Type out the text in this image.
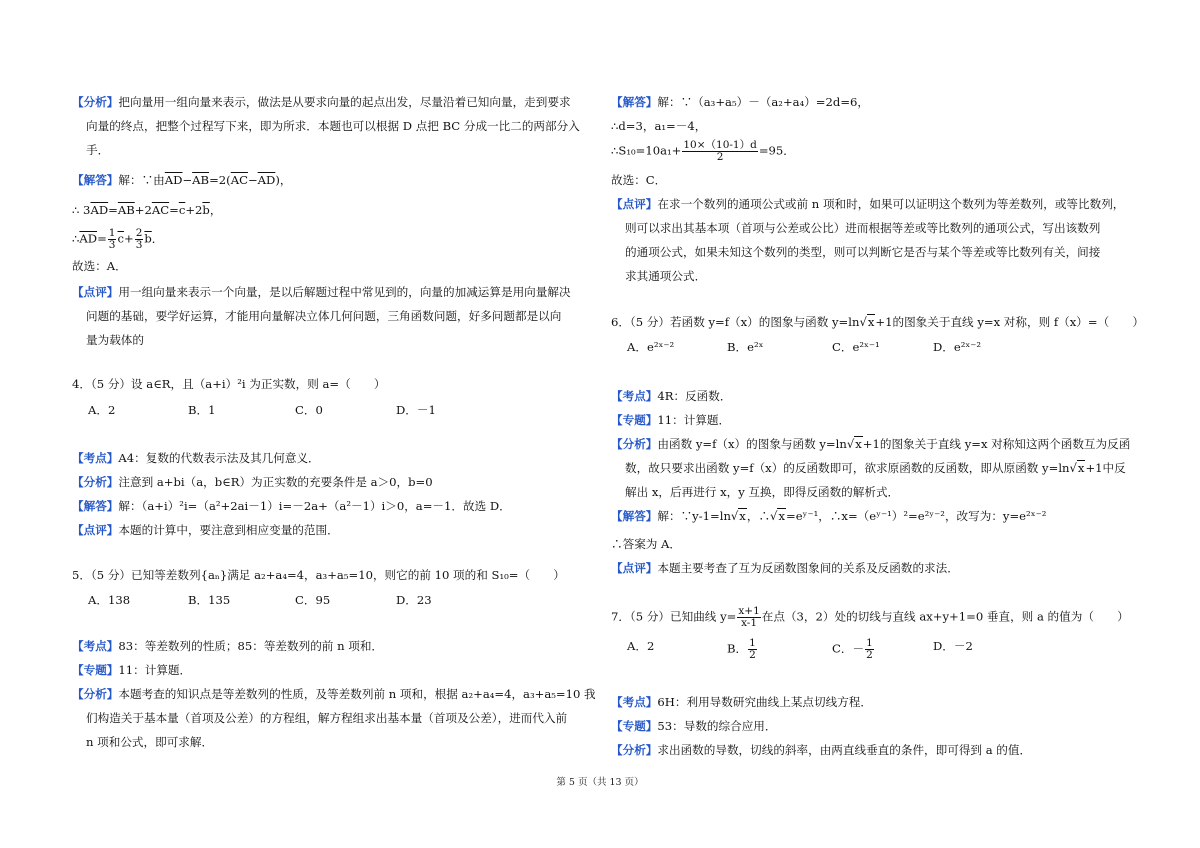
【分析】把向量用一组向量来表示，做法是从要求向量的起点出发，尽量沿着已知向量，走到要求
向量的终点，把整个过程写下来，即为所求．本题也可以根据 D 点把 BC 分成一比二的两部分入
手．
【解答】解：∵由$\overline{AD}-\overline{AB}=2(\overline{AC}-\overline{AD})$，
∴ $3\overline{AD}=\overline{AB}+2\overline{AC}=\overline{c}+2\overline{b}$，
$\therefore\overline{AD}= \frac{1}{3} \overline{c}+ \frac{2}{3} \overline{b}$．
故选：A．
【点评】用一组向量来表示一个向量，是以后解题过程中常见到的，向量的加减运算是用向量解决
问题的基础，要学好运算，才能用向量解决立体几何问题，三角函数问题，好多问题都是以向
量为载体的
4．（5 分）设 a∈R，且（a+i）²i 为正实数，则 a=（　　）
A．2	B．1	C．0	D．－1
【考点】A4：复数的代数表示法及其几何意义．
【分析】注意到 a+bi（a，b∈R）为正实数的充要条件是 a＞0，b=0
【解答】解：（a+i）²i=（a²+2ai－1）i=－2a+（a²－1）i＞0，a=－1．故选 D．
【点评】本题的计算中，要注意到相应变量的范围．
5．（5 分）已知等差数列{aₙ}满足 a₂+a₄=4，a₃+a₅=10，则它的前 10 项的和 S₁₀=（　　）
A．138	B．135	C．95	D．23
【考点】83：等差数列的性质；85：等差数列的前 n 项和．
【专题】11：计算题．
【分析】本题考查的知识点是等差数列的性质，及等差数列前 n 项和，根据 a₂+a₄=4，a₃+a₅=10 我
们构造关于基本量（首项及公差）的方程组，解方程组求出基本量（首项及公差），进而代入前
n 项和公式，即可求解．
【解答】解：∵（a₃+a₅）－（a₂+a₄）=2d=6，
∴d=3，a₁=－4，
∴S₁₀=10a₁+ $\frac{10\times(10-1)d}{2} =95$．
故选：C．
【点评】在求一个数列的通项公式或前 n 项和时，如果可以证明这个数列为等差数列，或等比数列，
则可以求出其基本项（首项与公差或公比）进而根据等差或等比数列的通项公式，写出该数列
的通项公式，如果未知这个数列的类型，则可以判断它是否与某个等差或等比数列有关，间接
求其通项公式．
6．（5 分）若函数 y=f（x）的图象与函数 y=ln√x+1的图象关于直线 y=x 对称，则 f（x）=（　　）
A．e²ˣ⁻²	B．e²ˣ	C．e²ˣ⁻¹	D．e²ˣ⁻²
【考点】4R：反函数．
【专题】11：计算题．
【分析】由函数 y=f（x）的图象与函数 y=ln√x+1的图象关于直线 y=x 对称知这两个函数互为反函
数，故只要求出函数 y=f（x）的反函数即可，欲求原函数的反函数，即从原函数 y=ln√x+1中反
解出 x，后再进行 x，y 互换，即得反函数的解析式．
【解答】解：∵y-1=ln√x，∴√x=eʸ⁻¹，∴x=（eʸ⁻¹）²=e²ʸ⁻²，改写为：y=e²ˣ⁻²
∴答案为 A．
【点评】本题主要考查了互为反函数图象间的关系及反函数的求法．
7．（5 分）已知曲线 $y= \frac{x+1}{x-1}$ 在点（3，2）处的切线与直线 ax+y+1=0 垂直，则 a 的值为（　　）
A．2	B． $\frac{1}{2}$	C．－ $\frac{1}{2}$	D．－2
【考点】6H：利用导数研究曲线上某点切线方程．
【专题】53：导数的综合应用．
【分析】求出函数的导数，切线的斜率，由两直线垂直的条件，即可得到 a 的值．
第 5 页（共 13 页）
